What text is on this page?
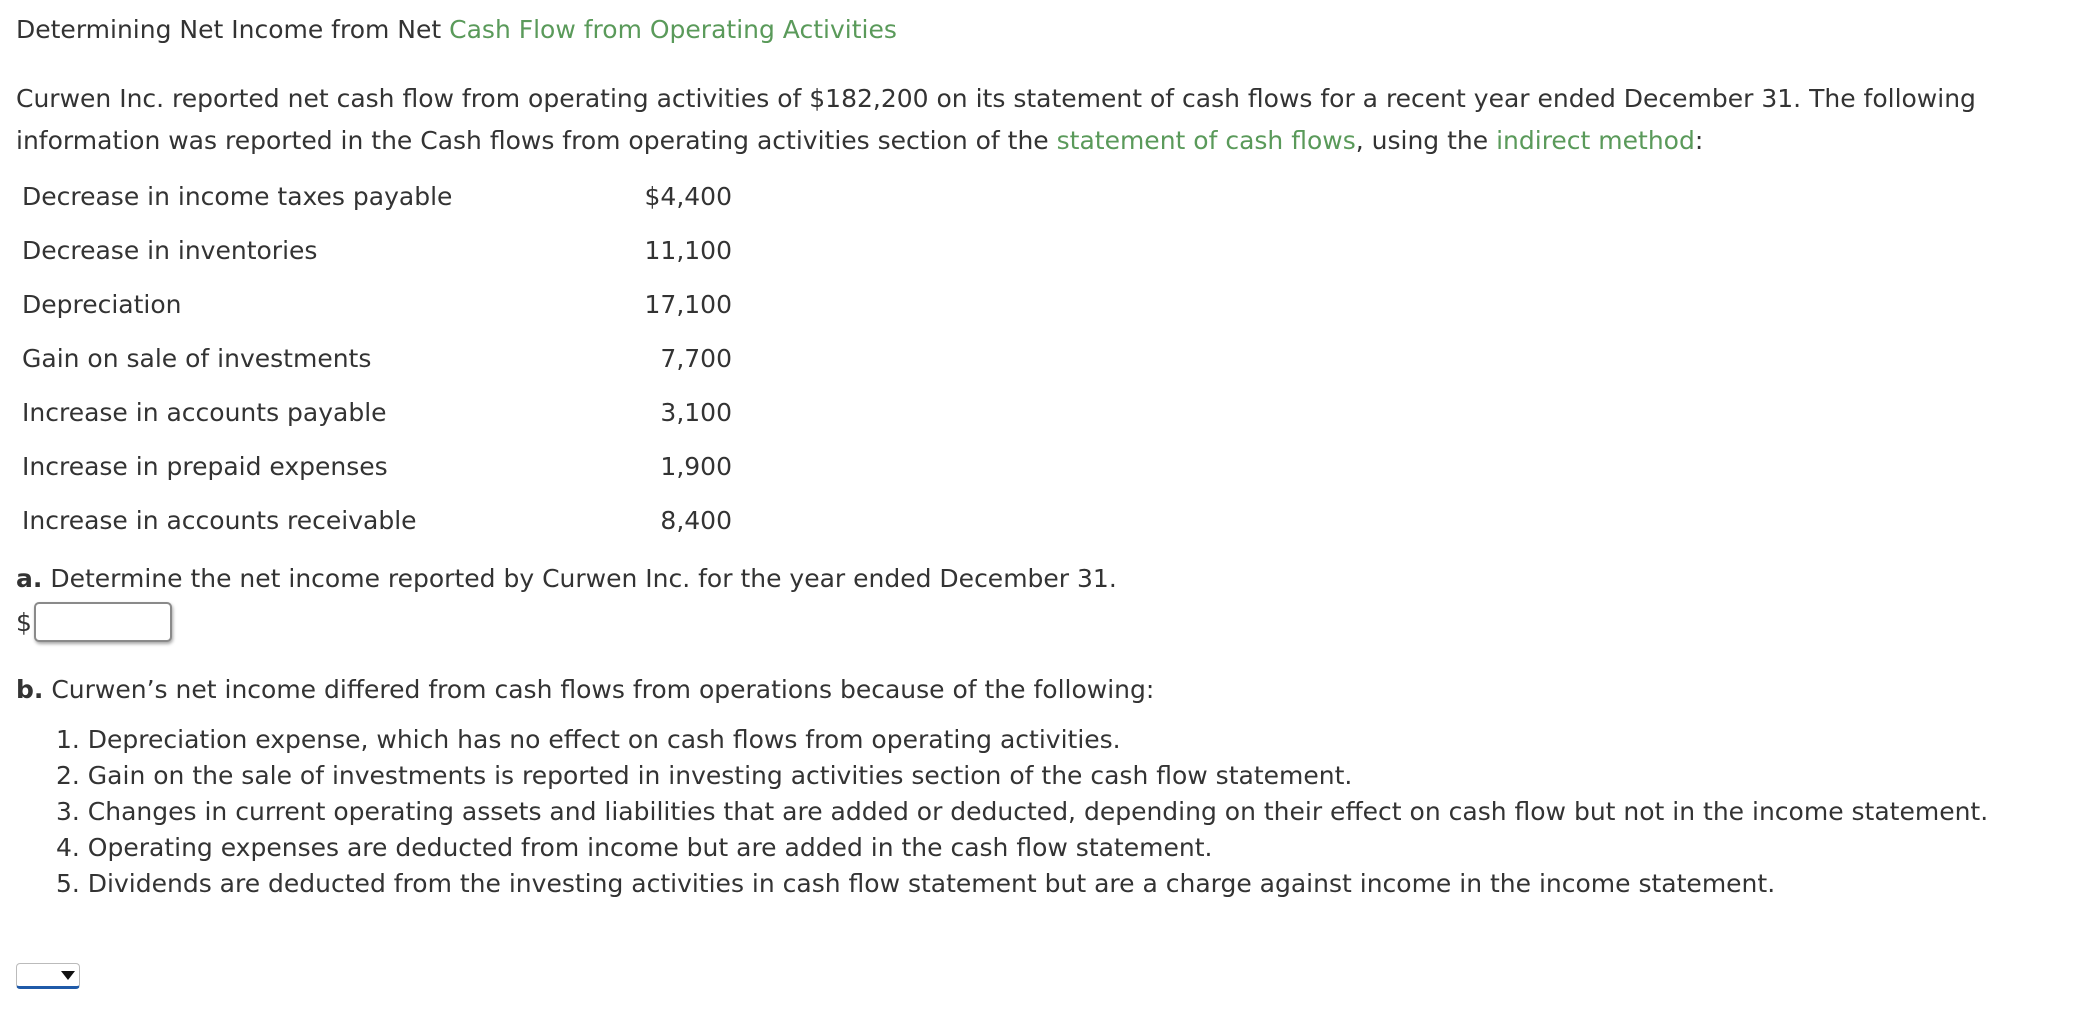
Determining Net Income from Net Cash Flow from Operating Activities
Curwen Inc. reported net cash flow from operating activities of $182,200 on its statement of cash flows for a recent year ended December 31. The following information was reported in the Cash flows from operating activities section of the statement of cash flows, using the indirect method:
Decrease in income taxes payable	$4,400
Decrease in inventories	11,100
Depreciation	17,100
Gain on sale of investments	7,700
Increase in accounts payable	3,100
Increase in prepaid expenses	1,900
Increase in accounts receivable	8,400
a. Determine the net income reported by Curwen Inc. for the year ended December 31.
$
b. Curwen’s net income differed from cash flows from operations because of the following:
1. Depreciation expense, which has no effect on cash flows from operating activities.
2. Gain on the sale of investments is reported in investing activities section of the cash flow statement.
3. Changes in current operating assets and liabilities that are added or deducted, depending on their effect on cash flow but not in the income statement.
4. Operating expenses are deducted from income but are added in the cash flow statement.
5. Dividends are deducted from the investing activities in cash flow statement but are a charge against income in the income statement.
